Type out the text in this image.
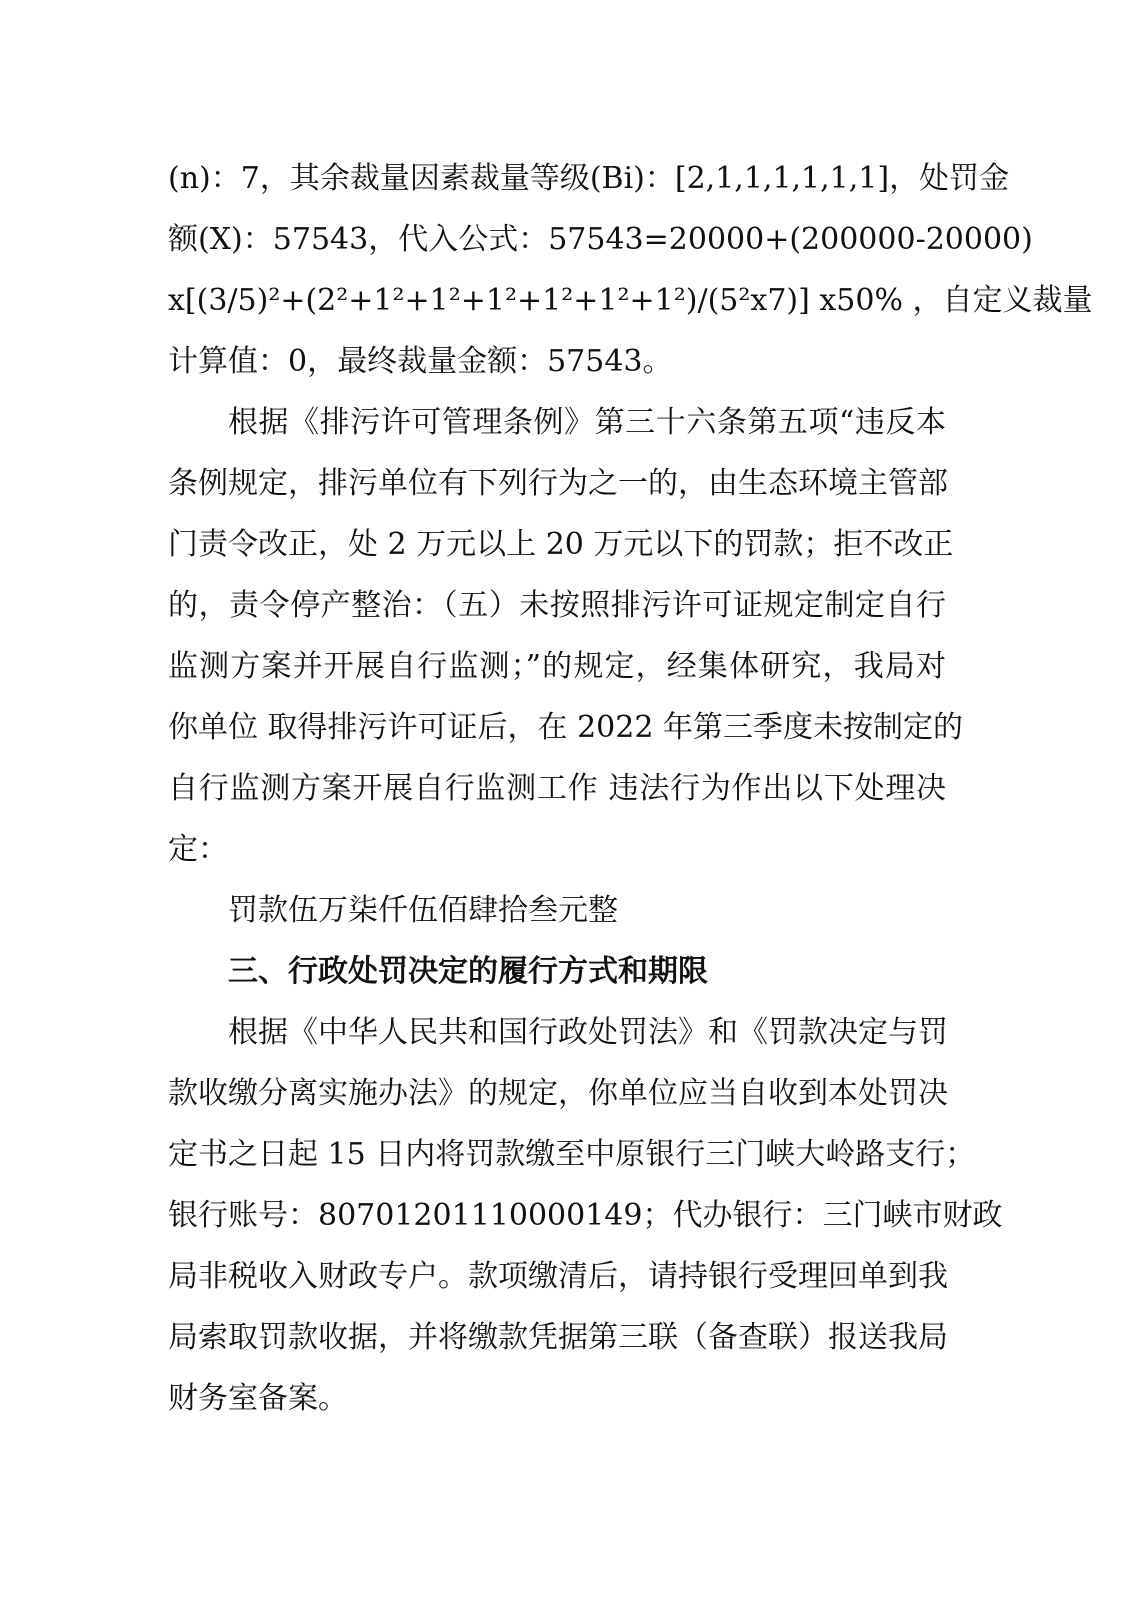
(n)：7，其余裁量因素裁量等级(Bi)：[2,1,1,1,1,1,1]，处罚金
额(X)：57543，代入公式：57543=20000+(200000-20000)
x[(3/5)²+(2²+1²+1²+1²+1²+1²+1²)/(5²x7)] x50% ，自定义裁量
计算值：0，最终裁量金额：57543。
根据《排污许可管理条例》第三十六条第五项“违反本
条例规定，排污单位有下列行为之一的，由生态环境主管部
门责令改正，处 2 万元以上 20 万元以下的罚款；拒不改正
的，责令停产整治：（五）未按照排污许可证规定制定自行
监测方案并开展自行监测；”的规定，经集体研究，我局对
你单位 取得排污许可证后，在 2022 年第三季度未按制定的
自行监测方案开展自行监测工作 违法行为作出以下处理决
定：
罚款伍万柒仟伍佰肆拾叁元整
三、行政处罚决定的履行方式和期限
根据《中华人民共和国行政处罚法》和《罚款决定与罚
款收缴分离实施办法》的规定，你单位应当自收到本处罚决
定书之日起 15 日内将罚款缴至中原银行三门峡大岭路支行；
银行账号：80701201110000149；代办银行：三门峡市财政
局非税收入财政专户。款项缴清后，请持银行受理回单到我
局索取罚款收据，并将缴款凭据第三联（备查联）报送我局
财务室备案。
